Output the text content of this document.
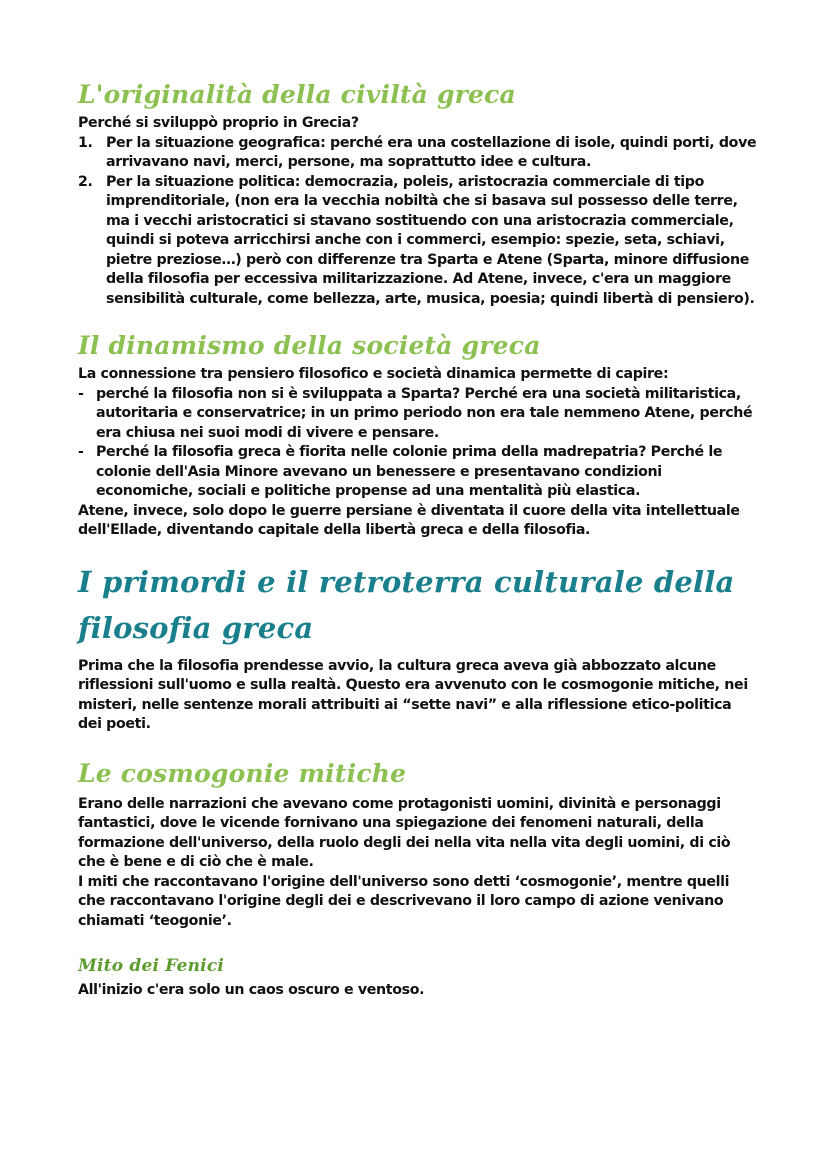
L'originalità della civiltà greca

Perché si sviluppò proprio in Grecia?

1. Per la situazione geografica: perché era una costellazione di isole, quindi porti, dove arrivavano navi, merci, persone, ma soprattutto idee e cultura.
2. Per la situazione politica: democrazia, poleis, aristocrazia commerciale di tipo imprenditoriale, (non era la vecchia nobiltà che si basava sul possesso delle terre, ma i vecchi aristocratici si stavano sostituendo con una aristocrazia commerciale, quindi si poteva arricchirsi anche con i commerci, esempio: spezie, seta, schiavi, pietre preziose…) però con differenze tra Sparta e Atene (Sparta, minore diffusione della filosofia per eccessiva militarizzazione. Ad Atene, invece, c'era un maggiore sensibilità culturale, come bellezza, arte, musica, poesia; quindi libertà di pensiero).
Il dinamismo della società greca

La connessione tra pensiero filosofico e società dinamica permette di capire:

- perché la filosofia non si è sviluppata a Sparta? Perché era una società militaristica, autoritaria e conservatrice; in un primo periodo non era tale nemmeno Atene, perché era chiusa nei suoi modi di vivere e pensare.
- Perché la filosofia greca è fiorita nelle colonie prima della madrepatria? Perché le colonie dell'Asia Minore avevano un benessere e presentavano condizioni economiche, sociali e politiche propense ad una mentalità più elastica.

Atene, invece, solo dopo le guerre persiane è diventata il cuore della vita intellettuale dell'Ellade, diventando capitale della libertà greca e della filosofia.

I primordi e il retroterra culturale della
filosofia greca

Prima che la filosofia prendesse avvio, la cultura greca aveva già abbozzato alcune riflessioni sull'uomo e sulla realtà. Questo era avvenuto con le cosmogonie mitiche, nei misteri, nelle sentenze morali attribuiti ai “sette navi” e alla riflessione etico-politica dei poeti.

Le cosmogonie mitiche

Erano delle narrazioni che avevano come protagonisti uomini, divinità e personaggi fantastici, dove le vicende fornivano una spiegazione dei fenomeni naturali, della formazione dell'universo, della ruolo degli dei nella vita nella vita degli uomini, di ciò che è bene e di ciò che è male.

I miti che raccontavano l'origine dell'universo sono detti ‘cosmogonie’, mentre quelli che raccontavano l'origine degli dei e descrivevano il loro campo di azione venivano chiamati ‘teogonie’.

Mito dei Fenici

All'inizio c'era solo un caos oscuro e ventoso.
